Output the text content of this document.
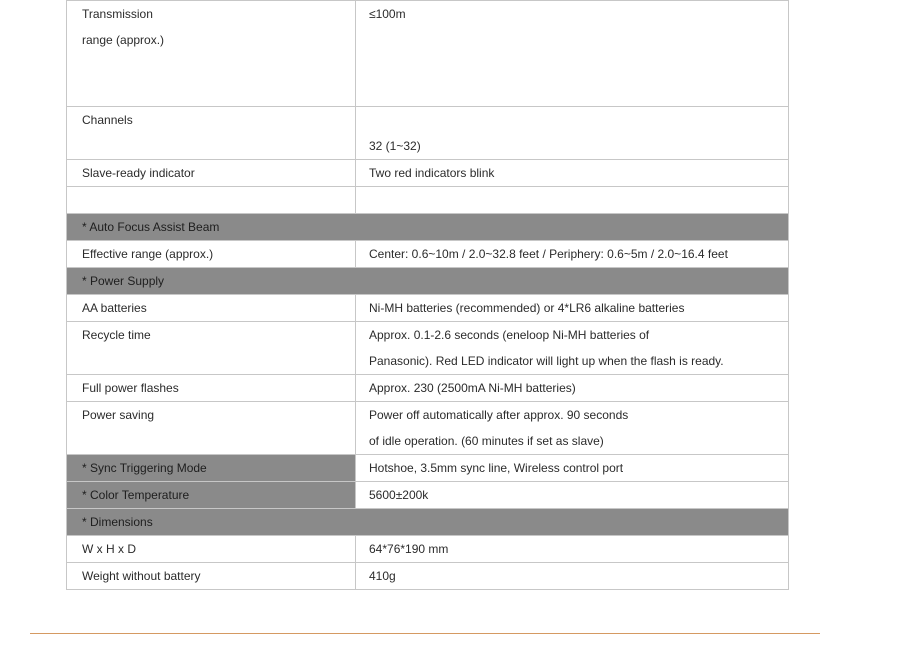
Transmission
range (approx.)	≤100m

Channels	32 (1~32)

Slave-ready indicator	Two red indicators blink

* Auto Focus Assist Beam	

Effective range (approx.)	Center: 0.6~10m / 2.0~32.8 feet / Periphery: 0.6~5m / 2.0~16.4 feet

* Power Supply	

AA batteries	Ni-MH batteries (recommended) or 4*LR6 alkaline batteries

Recycle time	Approx. 0.1-2.6 seconds (eneloop Ni-MH batteries of
Panasonic). Red LED indicator will light up when the flash is ready.

Full power flashes	Approx. 230 (2500mA Ni-MH batteries)

Power saving	Power off automatically after approx. 90 seconds
of idle operation. (60 minutes if set as slave)

* Sync Triggering Mode	Hotshoe, 3.5mm sync line, Wireless control port

* Color Temperature	5600±200k

* Dimensions	

W x H x D	64*76*190 mm

Weight without battery	410g
